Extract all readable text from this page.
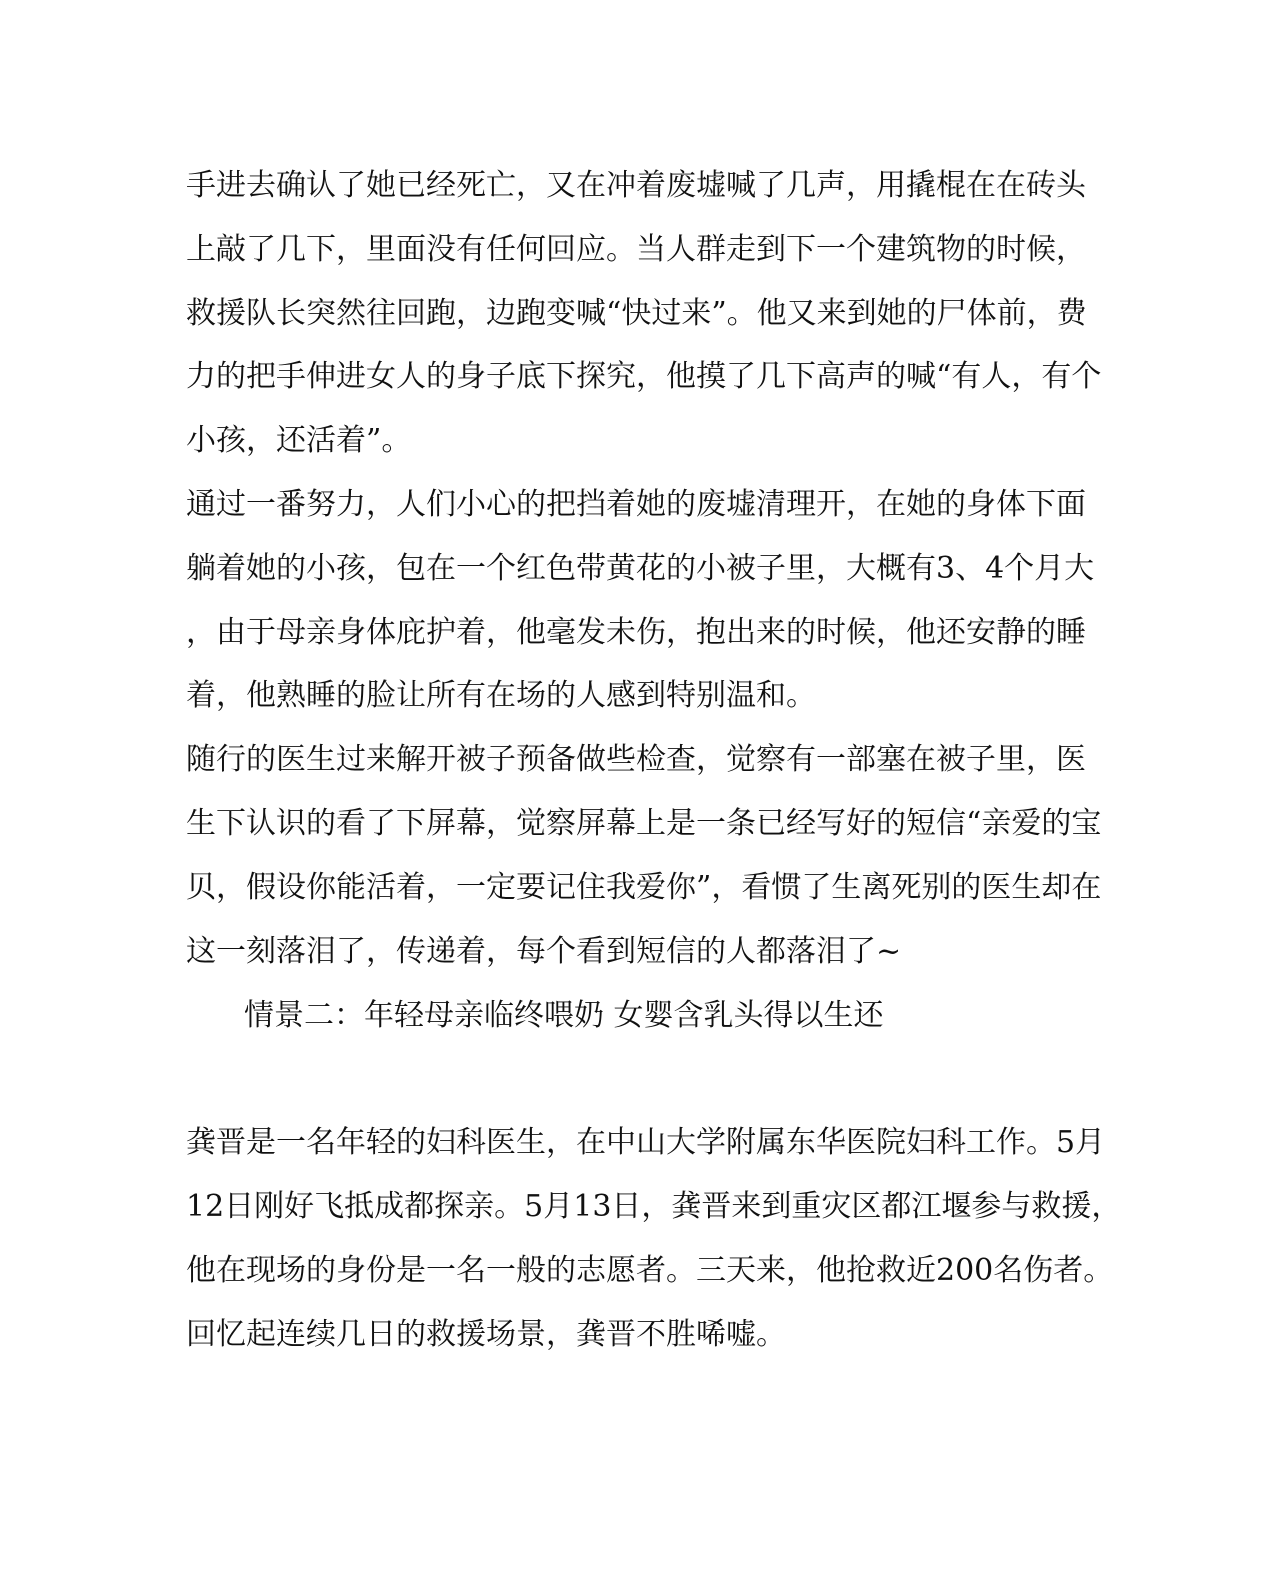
手进去确认了她已经死亡，又在冲着废墟喊了几声，用撬棍在在砖头
上敲了几下，里面没有任何回应。当人群走到下一个建筑物的时候，
救援队长突然往回跑，边跑变喊“快过来”。他又来到她的尸体前，费
力的把手伸进女人的身子底下探究，他摸了几下高声的喊“有人，有个
小孩，还活着”。
通过一番努力，人们小心的把挡着她的废墟清理开，在她的身体下面
躺着她的小孩，包在一个红色带黄花的小被子里，大概有3、4个月大
，由于母亲身体庇护着，他毫发未伤，抱出来的时候，他还安静的睡
着，他熟睡的脸让所有在场的人感到特别温和。
随行的医生过来解开被子预备做些检查，觉察有一部塞在被子里，医
生下认识的看了下屏幕，觉察屏幕上是一条已经写好的短信“亲爱的宝
贝，假设你能活着，一定要记住我爱你”，看惯了生离死别的医生却在
这一刻落泪了，传递着，每个看到短信的人都落泪了~
情景二：年轻母亲临终喂奶 女婴含乳头得以生还
龚晋是一名年轻的妇科医生，在中山大学附属东华医院妇科工作。5月
12日刚好飞抵成都探亲。5月13日，龚晋来到重灾区都江堰参与救援，
他在现场的身份是一名一般的志愿者。三天来，他抢救近200名伤者。
回忆起连续几日的救援场景，龚晋不胜唏嘘。
